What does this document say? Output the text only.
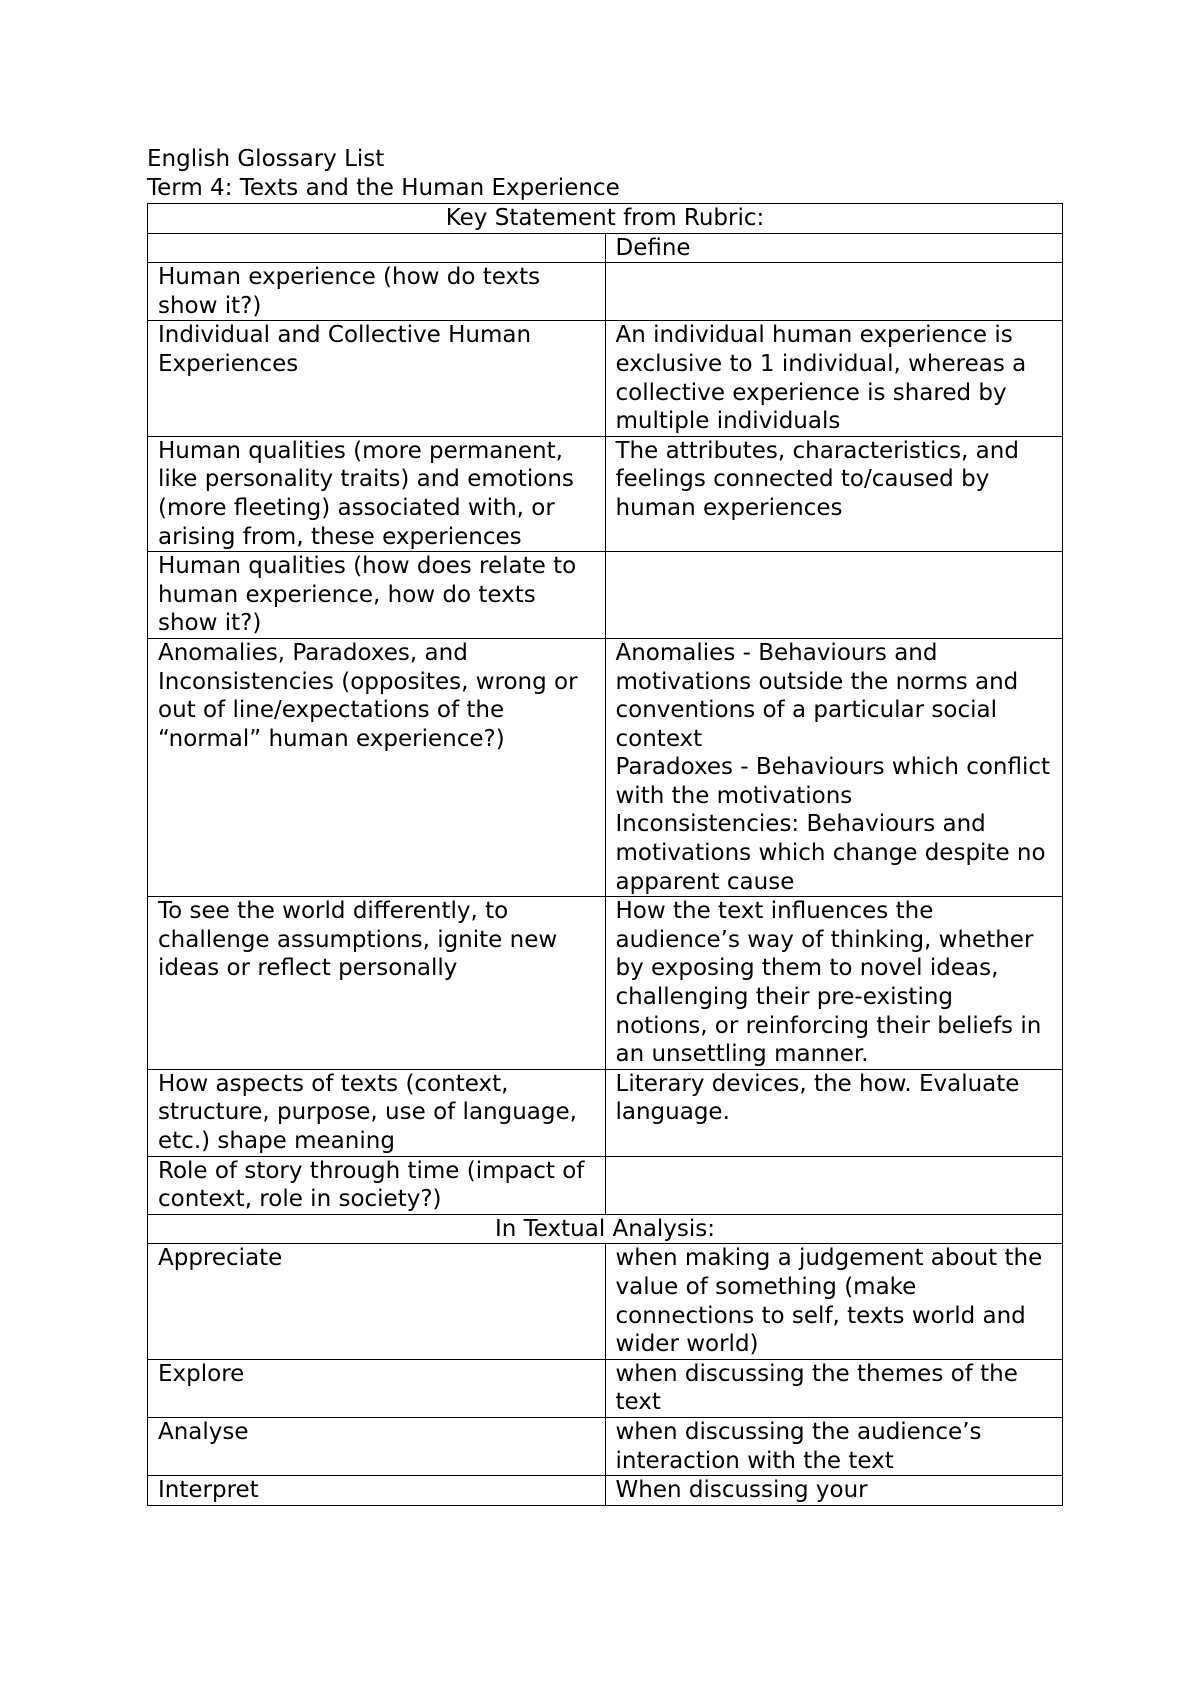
English Glossary List

Term 4: Texts and the Human Experience

Key Statement from Rubric:	
	Define
Human experience (how do texts show it?)	
Individual and Collective Human Experiences	An individual human experience is exclusive to 1 individual, whereas a collective experience is shared by multiple individuals
Human qualities (more permanent, like personality traits) and emotions (more fleeting) associated with, or arising from, these experiences	The attributes, characteristics, and feelings connected to/caused by human experiences
Human qualities (how does relate to human experience, how do texts show it?)	
Anomalies, Paradoxes, and Inconsistencies (opposites, wrong or out of line/expectations of the “normal” human experience?)	Anomalies - Behaviours and motivations outside the norms and conventions of a particular social context
Paradoxes - Behaviours which conflict with the motivations
Inconsistencies: Behaviours and motivations which change despite no apparent cause

To see the world differently, to challenge assumptions, ignite new ideas or reflect personally	How the text influences the audience’s way of thinking, whether by exposing them to novel ideas, challenging their pre-existing notions, or reinforcing their beliefs in an unsettling manner.
How aspects of texts (context, structure, purpose, use of language, etc.) shape meaning	Literary devices, the how. Evaluate language.
Role of story through time (impact of context, role in society?)	
In Textual Analysis:	
Appreciate	when making a judgement about the value of something (make connections to self, texts world and wider world)
Explore	when discussing the themes of the text
Analyse	when discussing the audience’s interaction with the text
Interpret	When discussing your
